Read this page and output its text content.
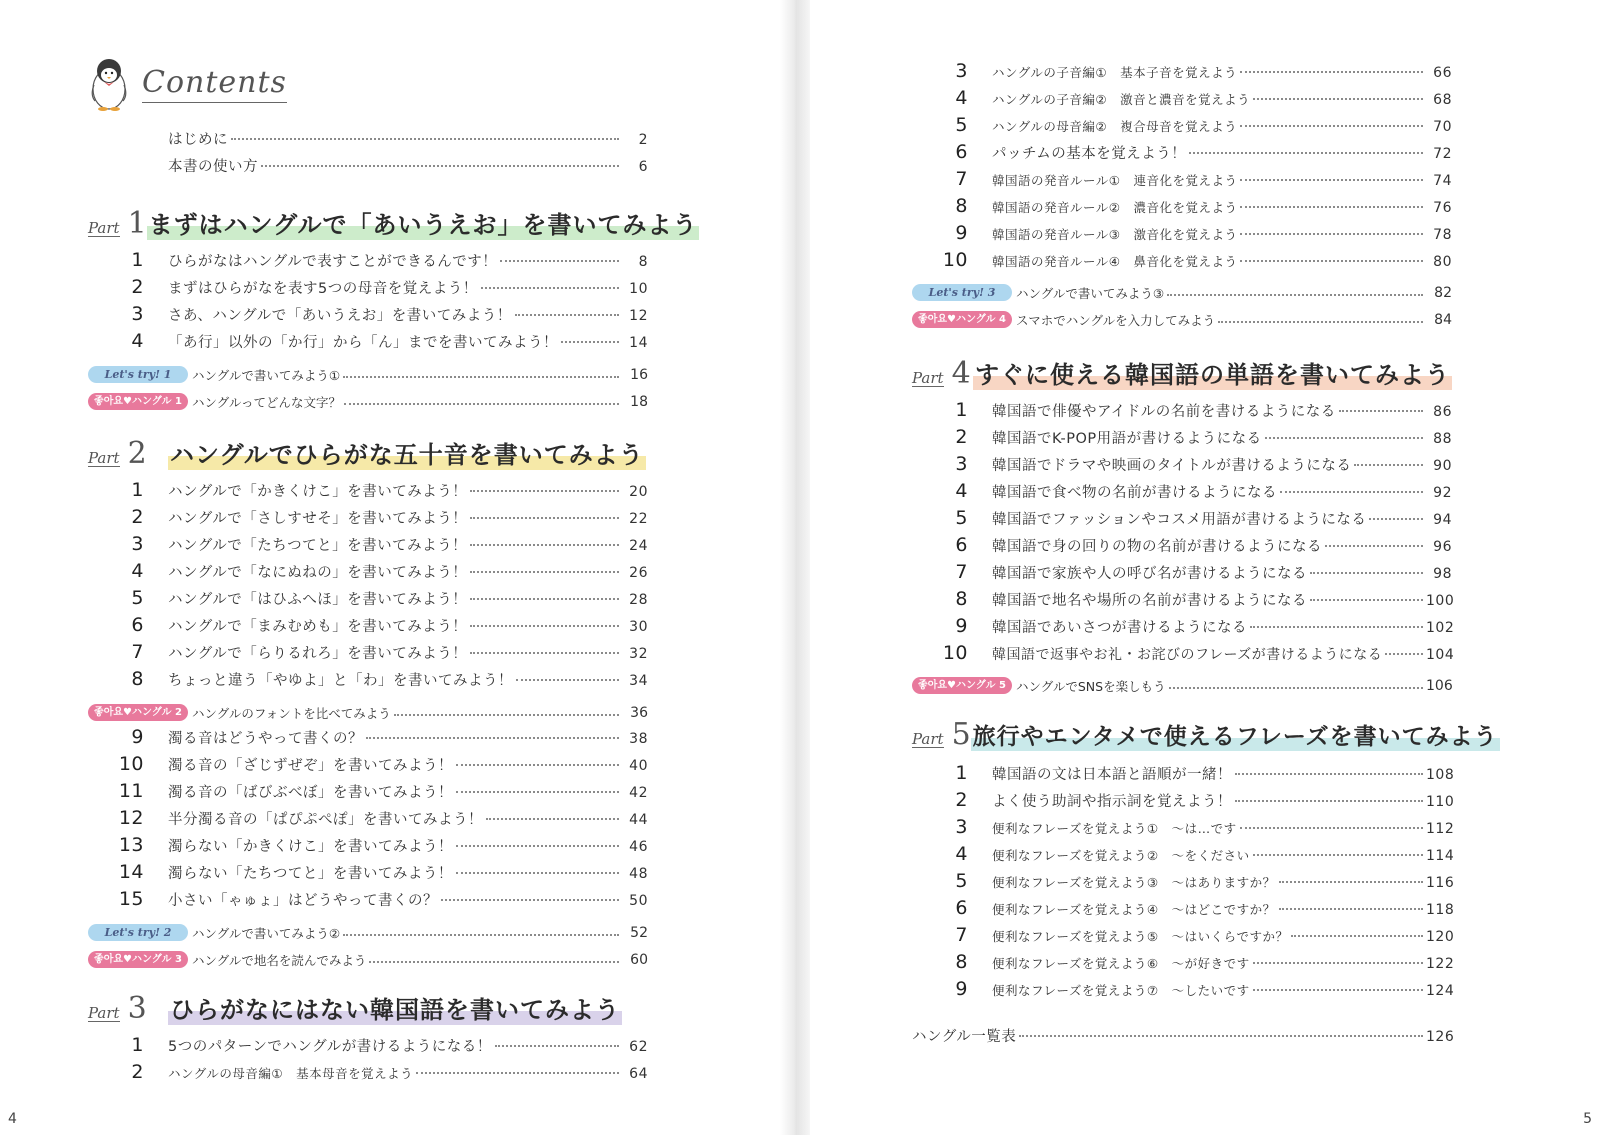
Contents
はじめに	2
本書の使い方	6
Part 1 まずはハングルで「あいうえお」を書いてみよう
1	ひらがなはハングルで表すことができるんです！	8
2	まずはひらがなを表す5つの母音を覚えよう！	10
3	さあ、ハングルで「あいうえお」を書いてみよう！	12
4	「あ行」以外の「か行」から「ん」までを書いてみよう！	14
Let's try! 1	ハングルで書いてみよう①	16
좋아요♥ハングル 1 ハングルってどんな文字？	18
Part 2 ハングルでひらがな五十音を書いてみよう
1	ハングルで「かきくけこ」を書いてみよう！	20
2	ハングルで「さしすせそ」を書いてみよう！	22
3	ハングルで「たちつてと」を書いてみよう！	24
4	ハングルで「なにぬねの」を書いてみよう！	26
5	ハングルで「はひふへほ」を書いてみよう！	28
6	ハングルで「まみむめも」を書いてみよう！	30
7	ハングルで「らりるれろ」を書いてみよう！	32
8	ちょっと違う「やゆよ」と「わ」を書いてみよう！	34
좋아요♥ハングル 2 ハングルのフォントを比べてみよう	36
9	濁る音はどうやって書くの？	38
10	濁る音の「ざじずぜぞ」を書いてみよう！	40
11	濁る音の「ばびぶべぼ」を書いてみよう！	42
12	半分濁る音の「ぱぴぷぺぽ」を書いてみよう！	44
13	濁らない「かきくけこ」を書いてみよう！	46
14	濁らない「たちつてと」を書いてみよう！	48
15	小さい「ゃゅょ」はどうやって書くの？	50
Let's try! 2	ハングルで書いてみよう②	52
좋아요♥ハングル 3 ハングルで地名を読んでみよう	60
Part 3 ひらがなにはない韓国語を書いてみよう
1	5つのパターンでハングルが書けるようになる！	62
2	ハングルの母音編①　基本母音を覚えよう	64
4
3	ハングルの子音編①　基本子音を覚えよう	66
4	ハングルの子音編②　激音と濃音を覚えよう	68
5	ハングルの母音編②　複合母音を覚えよう	70
6	パッチムの基本を覚えよう！	72
7	韓国語の発音ルール①　連音化を覚えよう	74
8	韓国語の発音ルール②　濃音化を覚えよう	76
9	韓国語の発音ルール③　激音化を覚えよう	78
10	韓国語の発音ルール④　鼻音化を覚えよう	80
Let's try! 3	ハングルで書いてみよう③	82
좋아요♥ハングル 4 スマホでハングルを入力してみよう	84
Part 4 すぐに使える韓国語の単語を書いてみよう
1	韓国語で俳優やアイドルの名前を書けるようになる	86
2	韓国語でK-POP用語が書けるようになる	88
3	韓国語でドラマや映画のタイトルが書けるようになる	90
4	韓国語で食べ物の名前が書けるようになる	92
5	韓国語でファッションやコスメ用語が書けるようになる	94
6	韓国語で身の回りの物の名前が書けるようになる	96
7	韓国語で家族や人の呼び名が書けるようになる	98
8	韓国語で地名や場所の名前が書けるようになる	100
9	韓国語であいさつが書けるようになる	102
10	韓国語で返事やお礼・お詫びのフレーズが書けるようになる	104
좋아요♥ハングル 5 ハングルでSNSを楽しもう	106
Part 5 旅行やエンタメで使えるフレーズを書いてみよう
1	韓国語の文は日本語と語順が一緒！	108
2	よく使う助詞や指示詞を覚えよう！	110
3	便利なフレーズを覚えよう①　～は…です	112
4	便利なフレーズを覚えよう②　～をください	114
5	便利なフレーズを覚えよう③　～はありますか？	116
6	便利なフレーズを覚えよう④　～はどこですか？	118
7	便利なフレーズを覚えよう⑤　～はいくらですか？	120
8	便利なフレーズを覚えよう⑥　～が好きです	122
9	便利なフレーズを覚えよう⑦　～したいです	124
ハングル一覧表	126
5
